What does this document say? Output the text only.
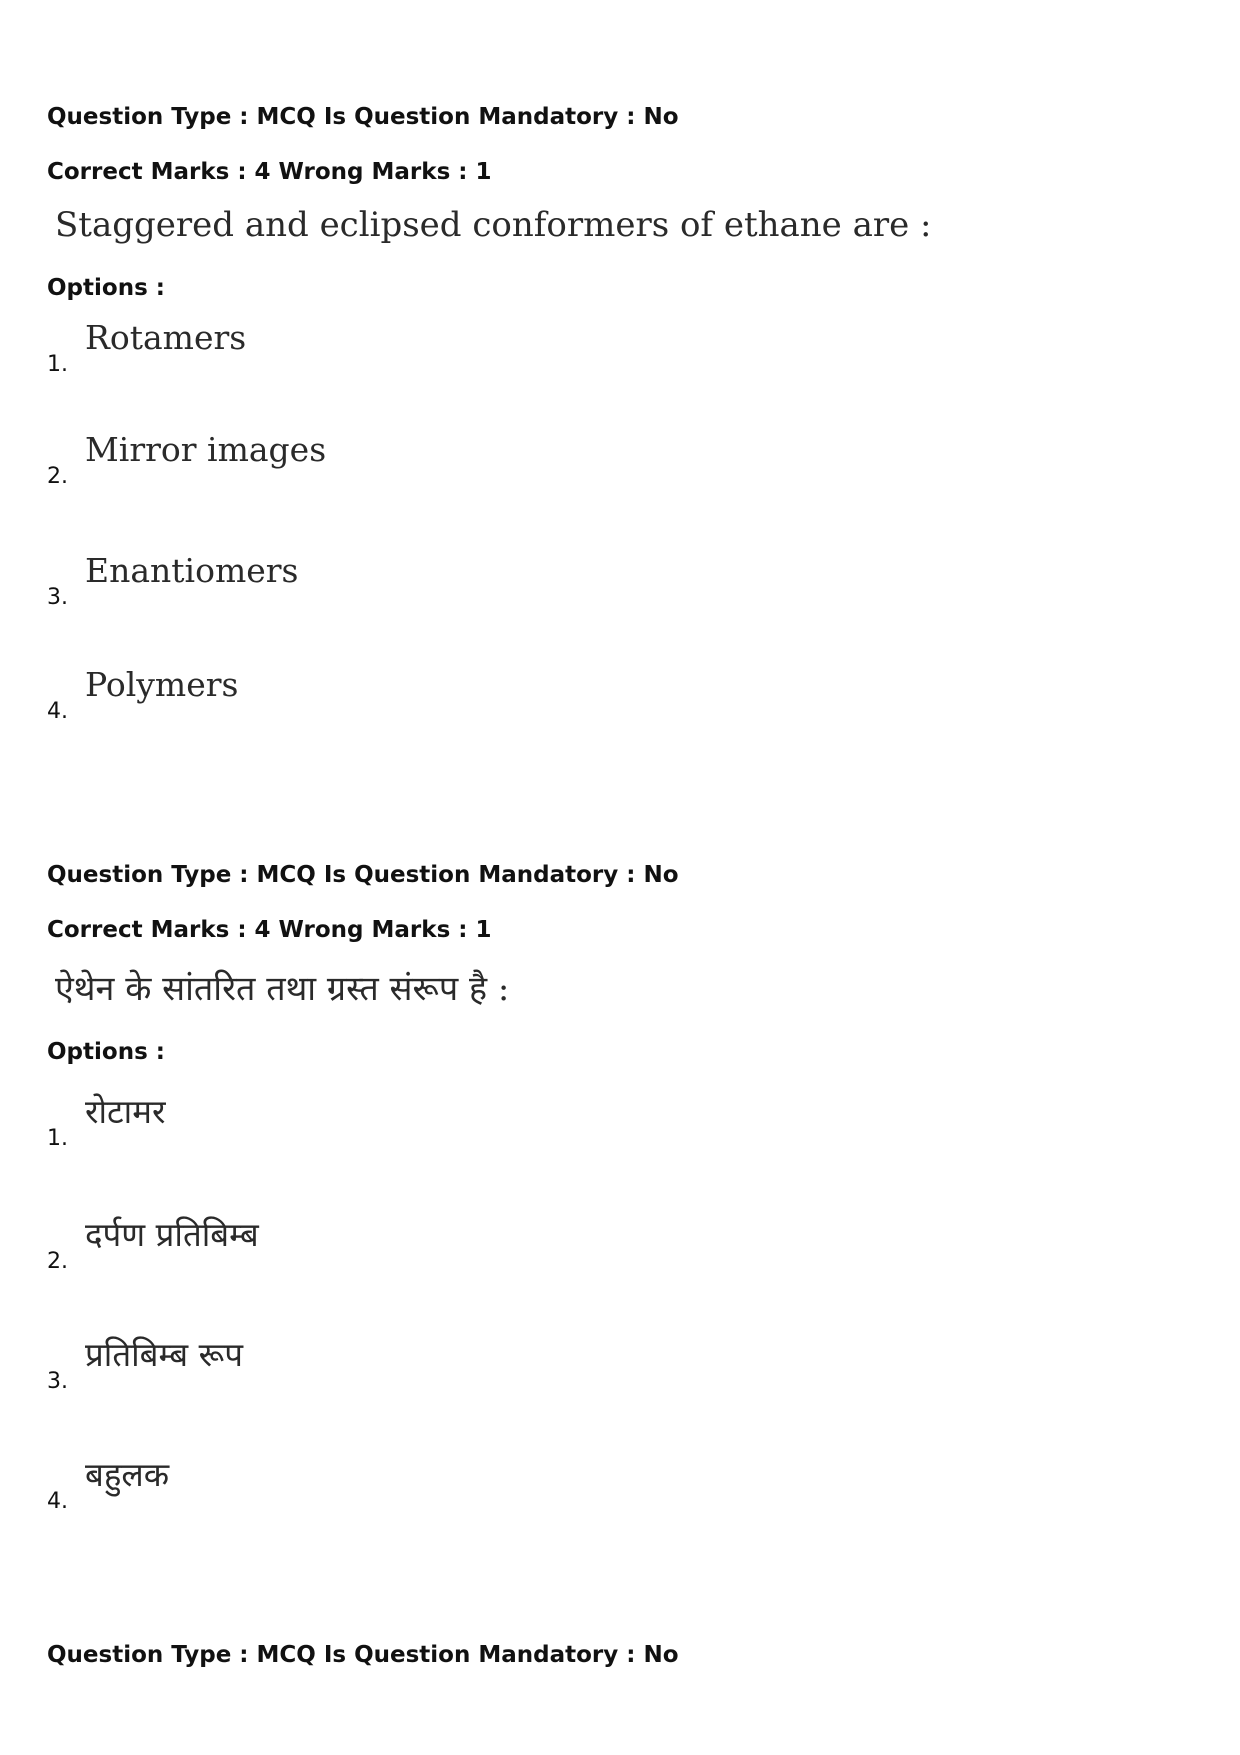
Question Type : MCQ Is Question Mandatory : No
Correct Marks : 4 Wrong Marks : 1
Staggered and eclipsed conformers of ethane are :
Options :
1.
Rotamers
2.
Mirror images
3.
Enantiomers
4.
Polymers
Question Type : MCQ Is Question Mandatory : No
Correct Marks : 4 Wrong Marks : 1
ऐथेन के सांतरित तथा ग्रस्त संरूप है :
Options :
1.
रोटामर
2.
दर्पण प्रतिबिम्ब
3.
प्रतिबिम्ब रूप
4.
बहुलक
Question Type : MCQ Is Question Mandatory : No
